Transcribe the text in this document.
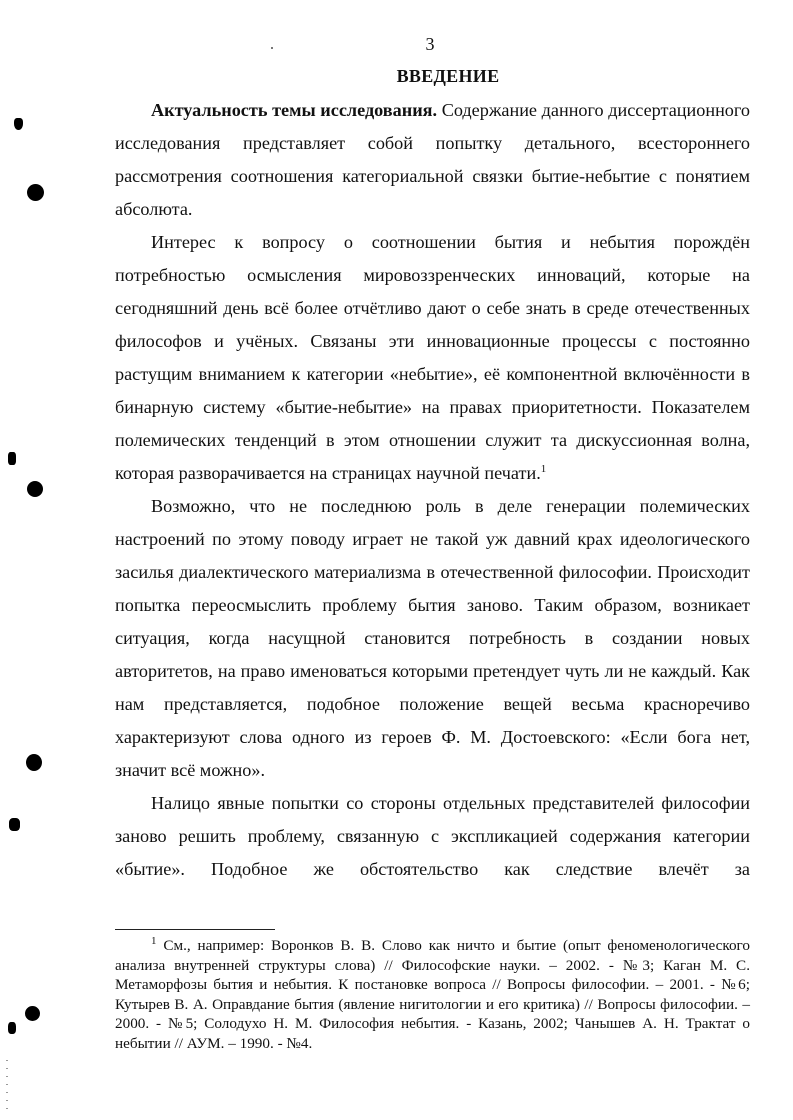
3
ВВЕДЕНИЕ

Актуальность темы исследования. Содержание данного диссертационного исследования представляет собой попытку детального, всестороннего рассмотрения соотношения категориальной связки бытие-небытие с понятием абсолюта.

Интерес к вопросу о соотношении бытия и небытия порождён потребностью осмысления мировоззренческих инноваций, которые на сегодняшний день всё более отчётливо дают о себе знать в среде отечественных философов и учёных. Связаны эти инновационные процессы с постоянно растущим вниманием к категории «небытие», её компонентной включённости в бинарную систему «бытие-небытие» на правах приоритетности. Показателем полемических тенденций в этом отношении служит та дискуссионная волна, которая разворачивается на страницах научной печати.$^1$

Возможно, что не последнюю роль в деле генерации полемических настроений по этому поводу играет не такой уж давний крах идеологического засилья диалектического материализма в отечественной философии. Происходит попытка переосмыслить проблему бытия заново. Таким образом, возникает ситуация, когда насущной становится потребность в создании новых авторитетов, на право именоваться которыми претендует чуть ли не каждый. Как нам представляется, подобное положение вещей весьма красноречиво характеризуют слова одного из героев Ф. М. Достоевского: «Если бога нет, значит всё можно».

Налицо явные попытки со стороны отдельных представителей философии заново решить проблему, связанную с экспликацией содержания категории «бытие». Подобное же обстоятельство как следствие влечёт за

$^1$ См., например: Воронков В. В. Слово как ничто и бытие (опыт феноменологического анализа внутренней структуры слова) // Философские науки. – 2002. - №3; Каган М. С. Метаморфозы бытия и небытия. К постановке вопроса // Вопросы философии. – 2001. - №6; Кутырев В. А. Оправдание бытия (явление нигитологии и его критика) // Вопросы философии. – 2000. - №5; Солодухо Н. М. Философия небытия. - Казань, 2002; Чанышев А. Н. Трактат о небытии // АУМ. – 1990. - №4.
